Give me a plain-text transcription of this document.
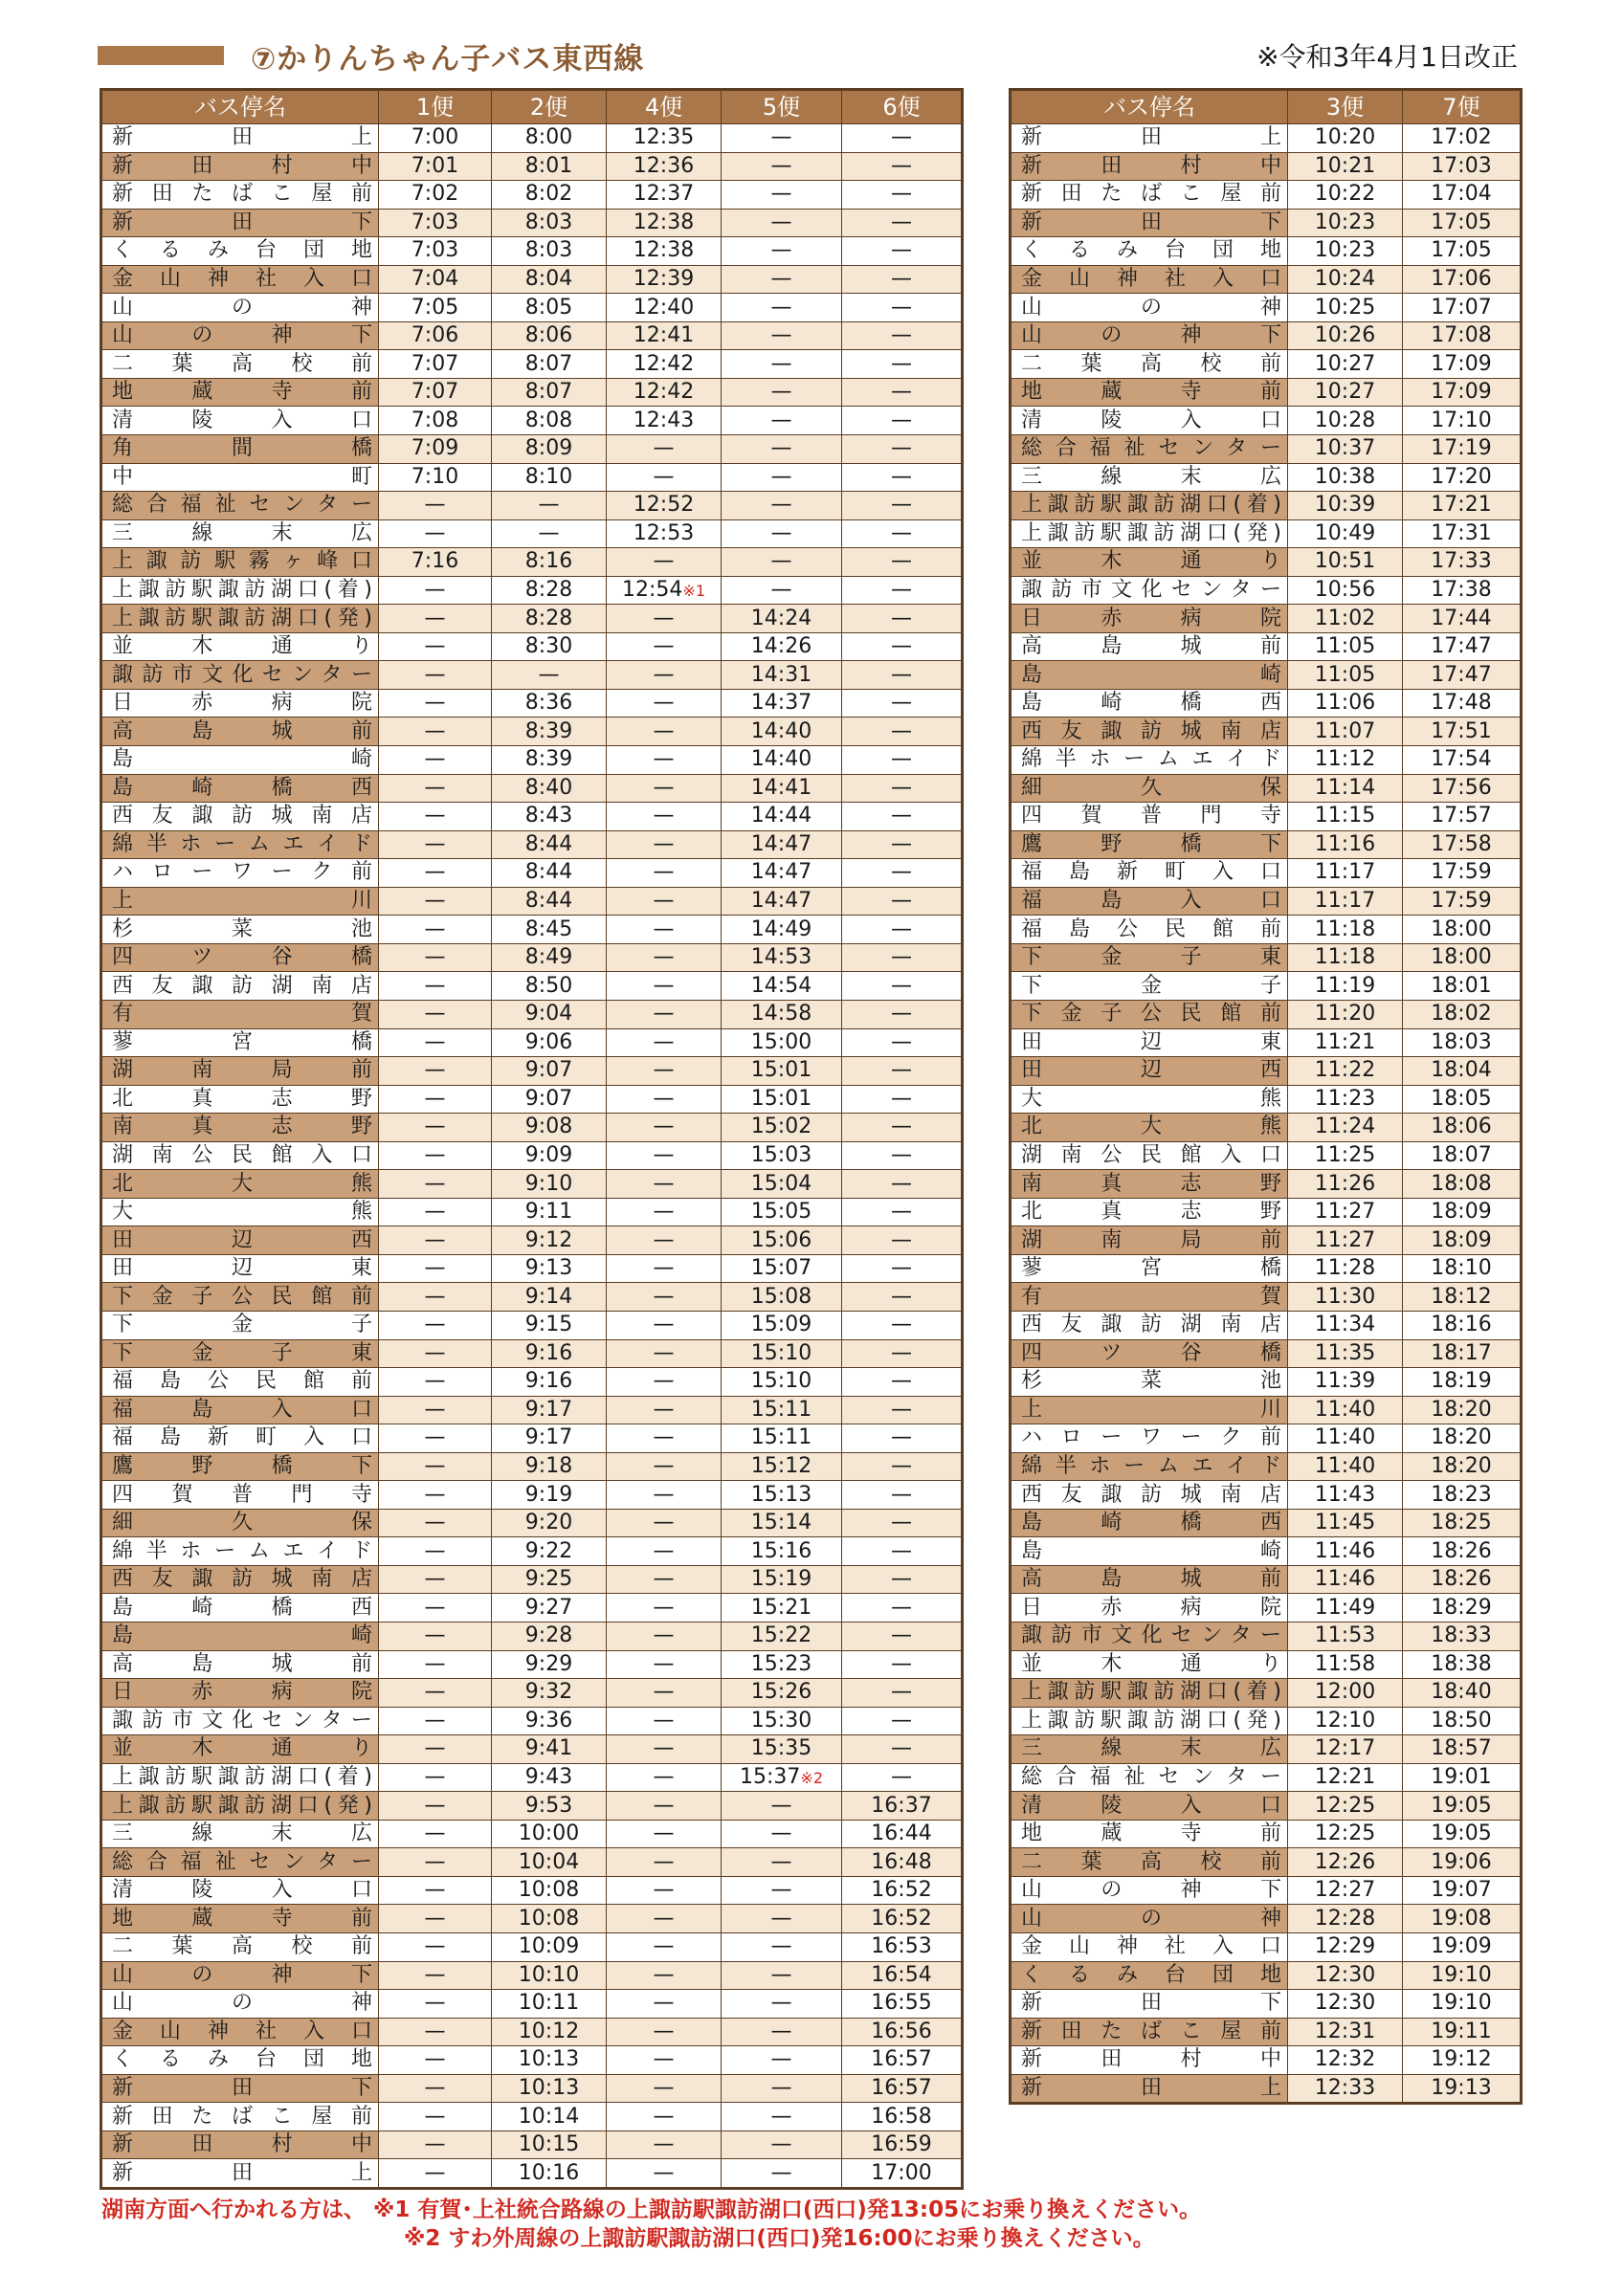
⑦かりんちゃん子バス東西線	※令和3年4月1日改正
バス停名	1便	2便	4便	5便	6便
新田上	7:00	8:00	12:35	—	—
新田村中	7:01	8:01	12:36	—	—
新田たばこ屋前	7:02	8:02	12:37	—	—
新田下	7:03	8:03	12:38	—	—
くるみ台団地	7:03	8:03	12:38	—	—
金山神社入口	7:04	8:04	12:39	—	—
山の神	7:05	8:05	12:40	—	—
山の神下	7:06	8:06	12:41	—	—
二葉高校前	7:07	8:07	12:42	—	—
地蔵寺前	7:07	8:07	12:42	—	—
清陵入口	7:08	8:08	12:43	—	—
角間橋	7:09	8:09	—	—	—
中町	7:10	8:10	—	—	—
総合福祉センター	—	—	12:52	—	—
三線末広	—	—	12:53	—	—
上諏訪駅霧ヶ峰口	7:16	8:16	—	—	—
上諏訪駅諏訪湖口(着)	—	8:28	12:54※1	—	—
上諏訪駅諏訪湖口(発)	—	8:28	—	14:24	—
並木通り	—	8:30	—	14:26	—
諏訪市文化センター	—	—	—	14:31	—
日赤病院	—	8:36	—	14:37	—
高島城前	—	8:39	—	14:40	—
島崎	—	8:39	—	14:40	—
島崎橋西	—	8:40	—	14:41	—
西友諏訪城南店	—	8:43	—	14:44	—
綿半ホームエイド	—	8:44	—	14:47	—
ハローワーク前	—	8:44	—	14:47	—
上川	—	8:44	—	14:47	—
杉菜池	—	8:45	—	14:49	—
四ツ谷橋	—	8:49	—	14:53	—
西友諏訪湖南店	—	8:50	—	14:54	—
有賀	—	9:04	—	14:58	—
蓼宮橋	—	9:06	—	15:00	—
湖南局前	—	9:07	—	15:01	—
北真志野	—	9:07	—	15:01	—
南真志野	—	9:08	—	15:02	—
湖南公民館入口	—	9:09	—	15:03	—
北大熊	—	9:10	—	15:04	—
大熊	—	9:11	—	15:05	—
田辺西	—	9:12	—	15:06	—
田辺東	—	9:13	—	15:07	—
下金子公民館前	—	9:14	—	15:08	—
下金子	—	9:15	—	15:09	—
下金子東	—	9:16	—	15:10	—
福島公民館前	—	9:16	—	15:10	—
福島入口	—	9:17	—	15:11	—
福島新町入口	—	9:17	—	15:11	—
鷹野橋下	—	9:18	—	15:12	—
四賀普門寺	—	9:19	—	15:13	—
細久保	—	9:20	—	15:14	—
綿半ホームエイド	—	9:22	—	15:16	—
西友諏訪城南店	—	9:25	—	15:19	—
島崎橋西	—	9:27	—	15:21	—
島崎	—	9:28	—	15:22	—
高島城前	—	9:29	—	15:23	—
日赤病院	—	9:32	—	15:26	—
諏訪市文化センター	—	9:36	—	15:30	—
並木通り	—	9:41	—	15:35	—
上諏訪駅諏訪湖口(着)	—	9:43	—	15:37※2	—
上諏訪駅諏訪湖口(発)	—	9:53	—	—	16:37
三線末広	—	10:00	—	—	16:44
総合福祉センター	—	10:04	—	—	16:48
清陵入口	—	10:08	—	—	16:52
地蔵寺前	—	10:08	—	—	16:52
二葉高校前	—	10:09	—	—	16:53
山の神下	—	10:10	—	—	16:54
山の神	—	10:11	—	—	16:55
金山神社入口	—	10:12	—	—	16:56
くるみ台団地	—	10:13	—	—	16:57
新田下	—	10:13	—	—	16:57
新田たばこ屋前	—	10:14	—	—	16:58
新田村中	—	10:15	—	—	16:59
新田上	—	10:16	—	—	17:00
バス停名	3便	7便
新田上	10:20	17:02
新田村中	10:21	17:03
新田たばこ屋前	10:22	17:04
新田下	10:23	17:05
くるみ台団地	10:23	17:05
金山神社入口	10:24	17:06
山の神	10:25	17:07
山の神下	10:26	17:08
二葉高校前	10:27	17:09
地蔵寺前	10:27	17:09
清陵入口	10:28	17:10
総合福祉センター	10:37	17:19
三線末広	10:38	17:20
上諏訪駅諏訪湖口(着)	10:39	17:21
上諏訪駅諏訪湖口(発)	10:49	17:31
並木通り	10:51	17:33
諏訪市文化センター	10:56	17:38
日赤病院	11:02	17:44
高島城前	11:05	17:47
島崎	11:05	17:47
島崎橋西	11:06	17:48
西友諏訪城南店	11:07	17:51
綿半ホームエイド	11:12	17:54
細久保	11:14	17:56
四賀普門寺	11:15	17:57
鷹野橋下	11:16	17:58
福島新町入口	11:17	17:59
福島入口	11:17	17:59
福島公民館前	11:18	18:00
下金子東	11:18	18:00
下金子	11:19	18:01
下金子公民館前	11:20	18:02
田辺東	11:21	18:03
田辺西	11:22	18:04
大熊	11:23	18:05
北大熊	11:24	18:06
湖南公民館入口	11:25	18:07
南真志野	11:26	18:08
北真志野	11:27	18:09
湖南局前	11:27	18:09
蓼宮橋	11:28	18:10
有賀	11:30	18:12
西友諏訪湖南店	11:34	18:16
四ツ谷橋	11:35	18:17
杉菜池	11:39	18:19
上川	11:40	18:20
ハローワーク前	11:40	18:20
綿半ホームエイド	11:40	18:20
西友諏訪城南店	11:43	18:23
島崎橋西	11:45	18:25
島崎	11:46	18:26
高島城前	11:46	18:26
日赤病院	11:49	18:29
諏訪市文化センター	11:53	18:33
並木通り	11:58	18:38
上諏訪駅諏訪湖口(着)	12:00	18:40
上諏訪駅諏訪湖口(発)	12:10	18:50
三線末広	12:17	18:57
総合福祉センター	12:21	19:01
清陵入口	12:25	19:05
地蔵寺前	12:25	19:05
二葉高校前	12:26	19:06
山の神下	12:27	19:07
山の神	12:28	19:08
金山神社入口	12:29	19:09
くるみ台団地	12:30	19:10
新田下	12:30	19:10
新田たばこ屋前	12:31	19:11
新田村中	12:32	19:12
新田上	12:33	19:13
湖南方面へ行かれる方は、 ※1 有賀･上社統合路線の上諏訪駅諏訪湖口(西口)発13:05にお乗り換えください。
※2 すわ外周線の上諏訪駅諏訪湖口(西口)発16:00にお乗り換えください。
